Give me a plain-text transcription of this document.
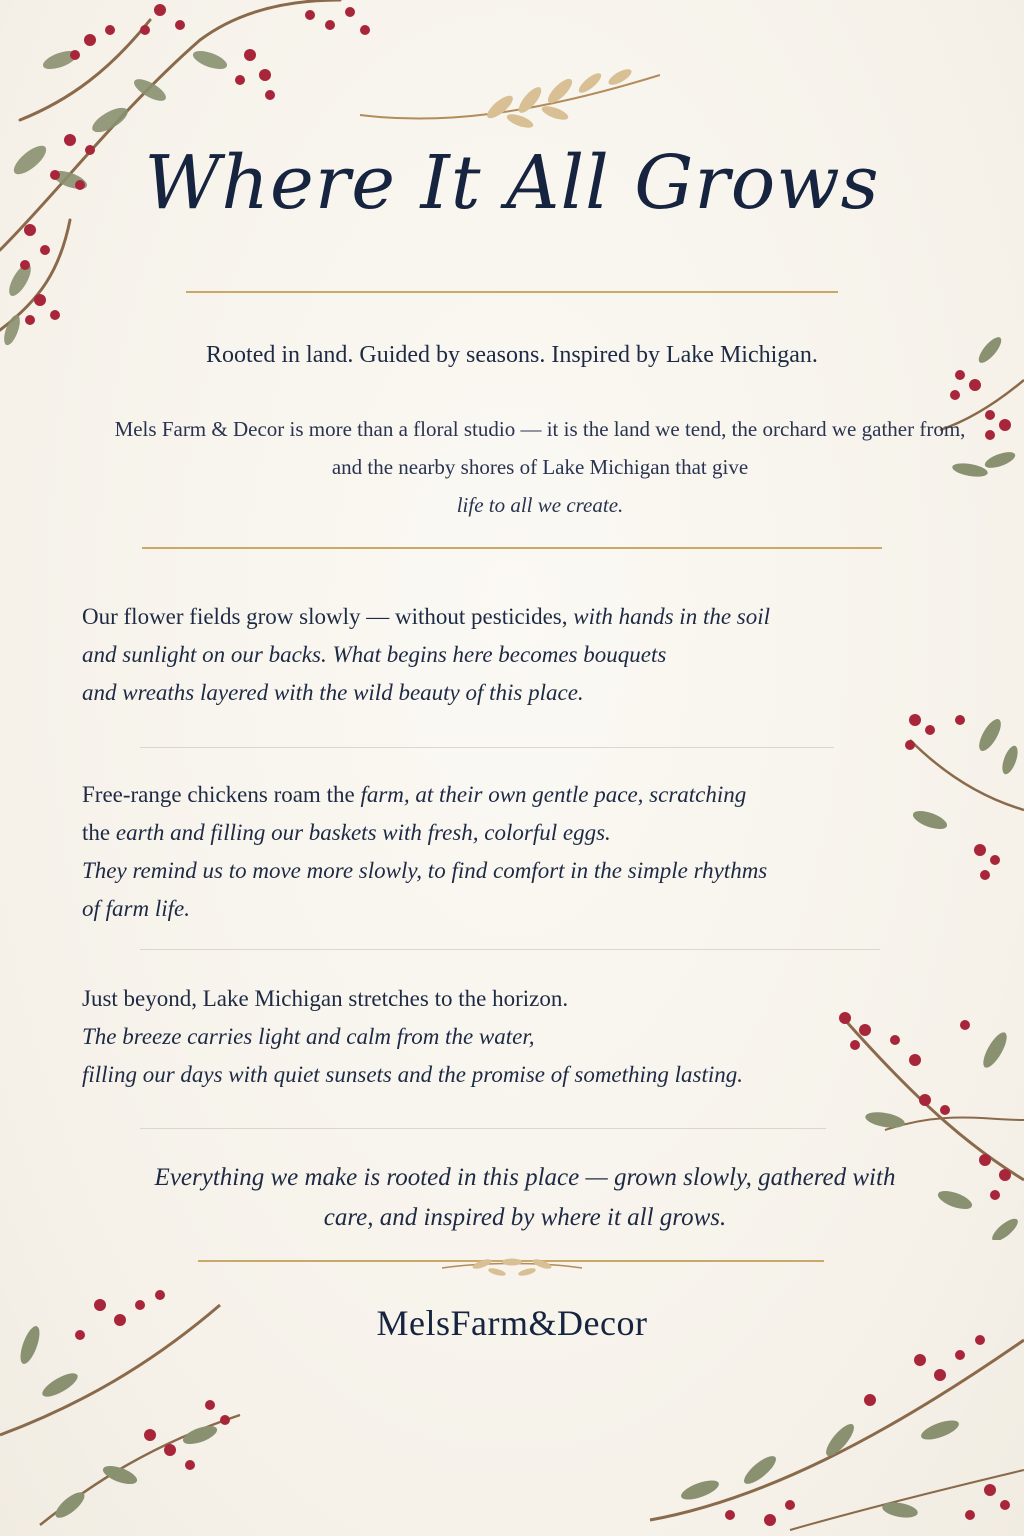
Where It All Grows
Rooted in land. Guided by seasons. Inspired by Lake Michigan.
Mels Farm & Decor is more than a floral studio — it is the land we tend, the orchard we gather from, and the nearby shores of Lake Michigan that give
life to all we create.

Our flower fields grow slowly — without pesticides, with hands in the soil
and sunlight on our backs. What begins here becomes bouquets
and wreaths layered with the wild beauty of this place.

Free-range chickens roam the farm, at their own gentle pace, scratching
the earth and filling our baskets with fresh, colorful eggs.
They remind us to move more slowly, to find comfort in the simple rhythms
of farm life.

Just beyond, Lake Michigan stretches to the horizon.
The breeze carries light and calm from the water,
filling our days with quiet sunsets and the promise of something lasting.

Everything we make is rooted in this place — grown slowly, gathered with care, and inspired by where it all grows.
MelsFarm&Decor
